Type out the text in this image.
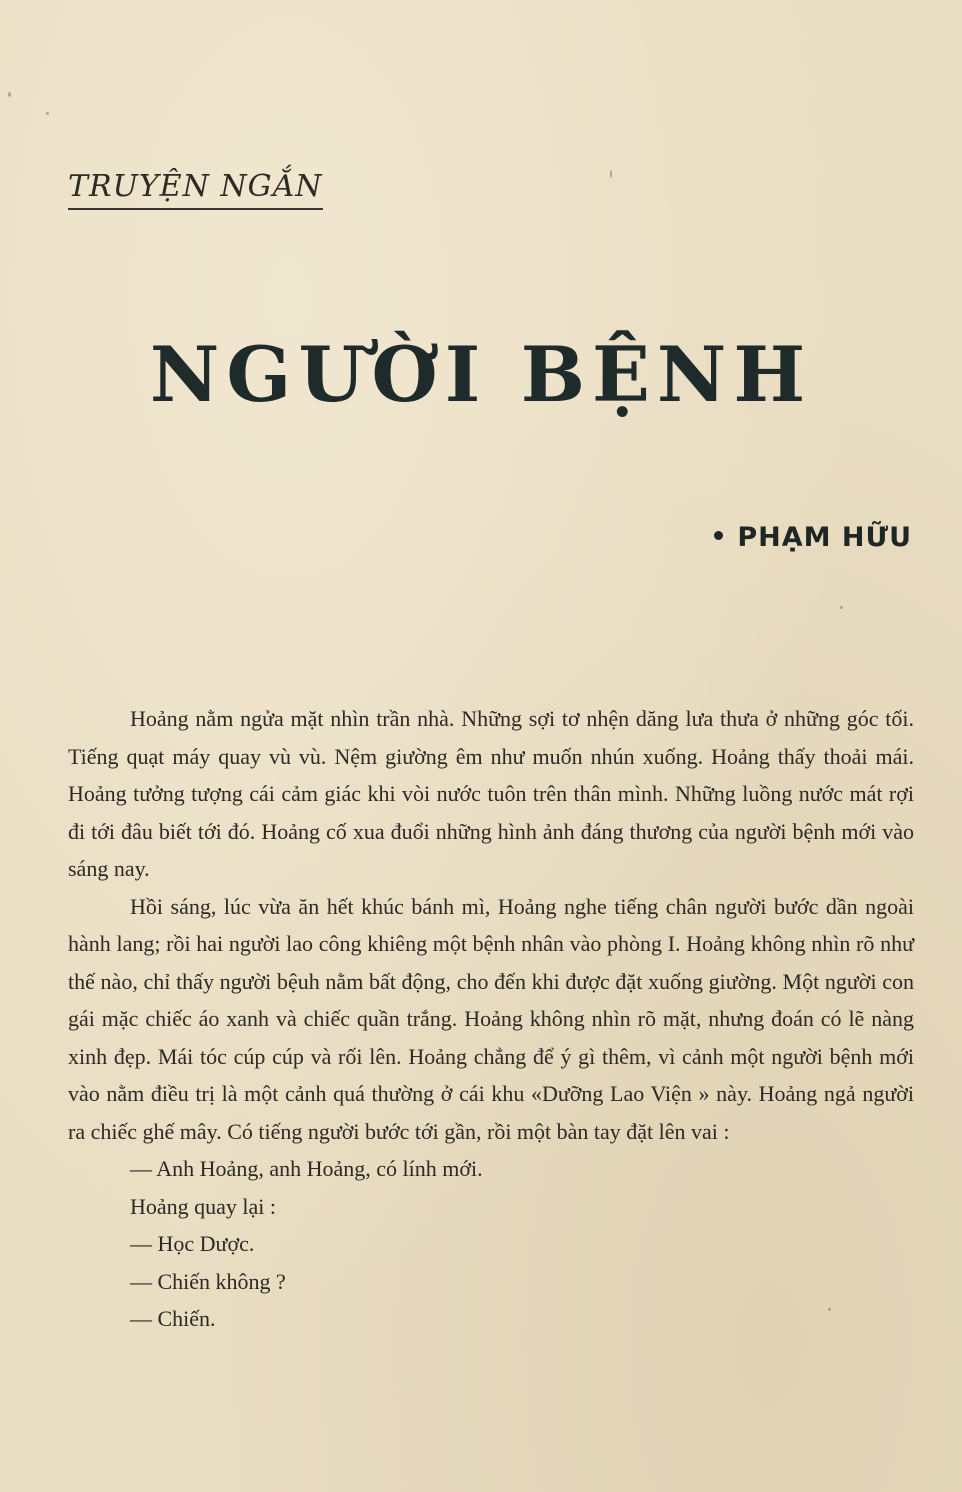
TRUYỆN NGẮN
NGƯỜI BỆNH
PHẠM HỮU

Hoảng nằm ngửa mặt nhìn trần nhà. Những sợi tơ nhện dăng lưa thưa ở những góc tối. Tiếng quạt máy quay vù vù. Nệm giường êm như muốn nhún xuống. Hoảng thấy thoải mái. Hoảng tưởng tượng cái cảm giác khi vòi nước tuôn trên thân mình. Những luồng nước mát rợi đi tới đâu biết tới đó. Hoảng cố xua đuổi những hình ảnh đáng thương của người bệnh mới vào sáng nay.

Hồi sáng, lúc vừa ăn hết khúc bánh mì, Hoảng nghe tiếng chân người bước dần ngoài hành lang; rồi hai người lao công khiêng một bệnh nhân vào phòng I. Hoảng không nhìn rõ như thế nào, chỉ thấy người bệuh nằm bất động, cho đến khi được đặt xuống giường. Một người con gái mặc chiếc áo xanh và chiếc quần trắng. Hoảng không nhìn rõ mặt, nhưng đoán có lẽ nàng xinh đẹp. Mái tóc cúp cúp và rối lên. Hoảng chẳng để ý gì thêm, vì cảnh một người bệnh mới vào nằm điều trị là một cảnh quá thường ở cái khu «Dưỡng Lao Viện » này. Hoảng ngả người ra chiếc ghế mây. Có tiếng người bước tới gần, rồi một bàn tay đặt lên vai :

— Anh Hoảng, anh Hoảng, có lính mới.

Hoảng quay lại :

— Học Dược.

— Chiến không ?

— Chiến.
